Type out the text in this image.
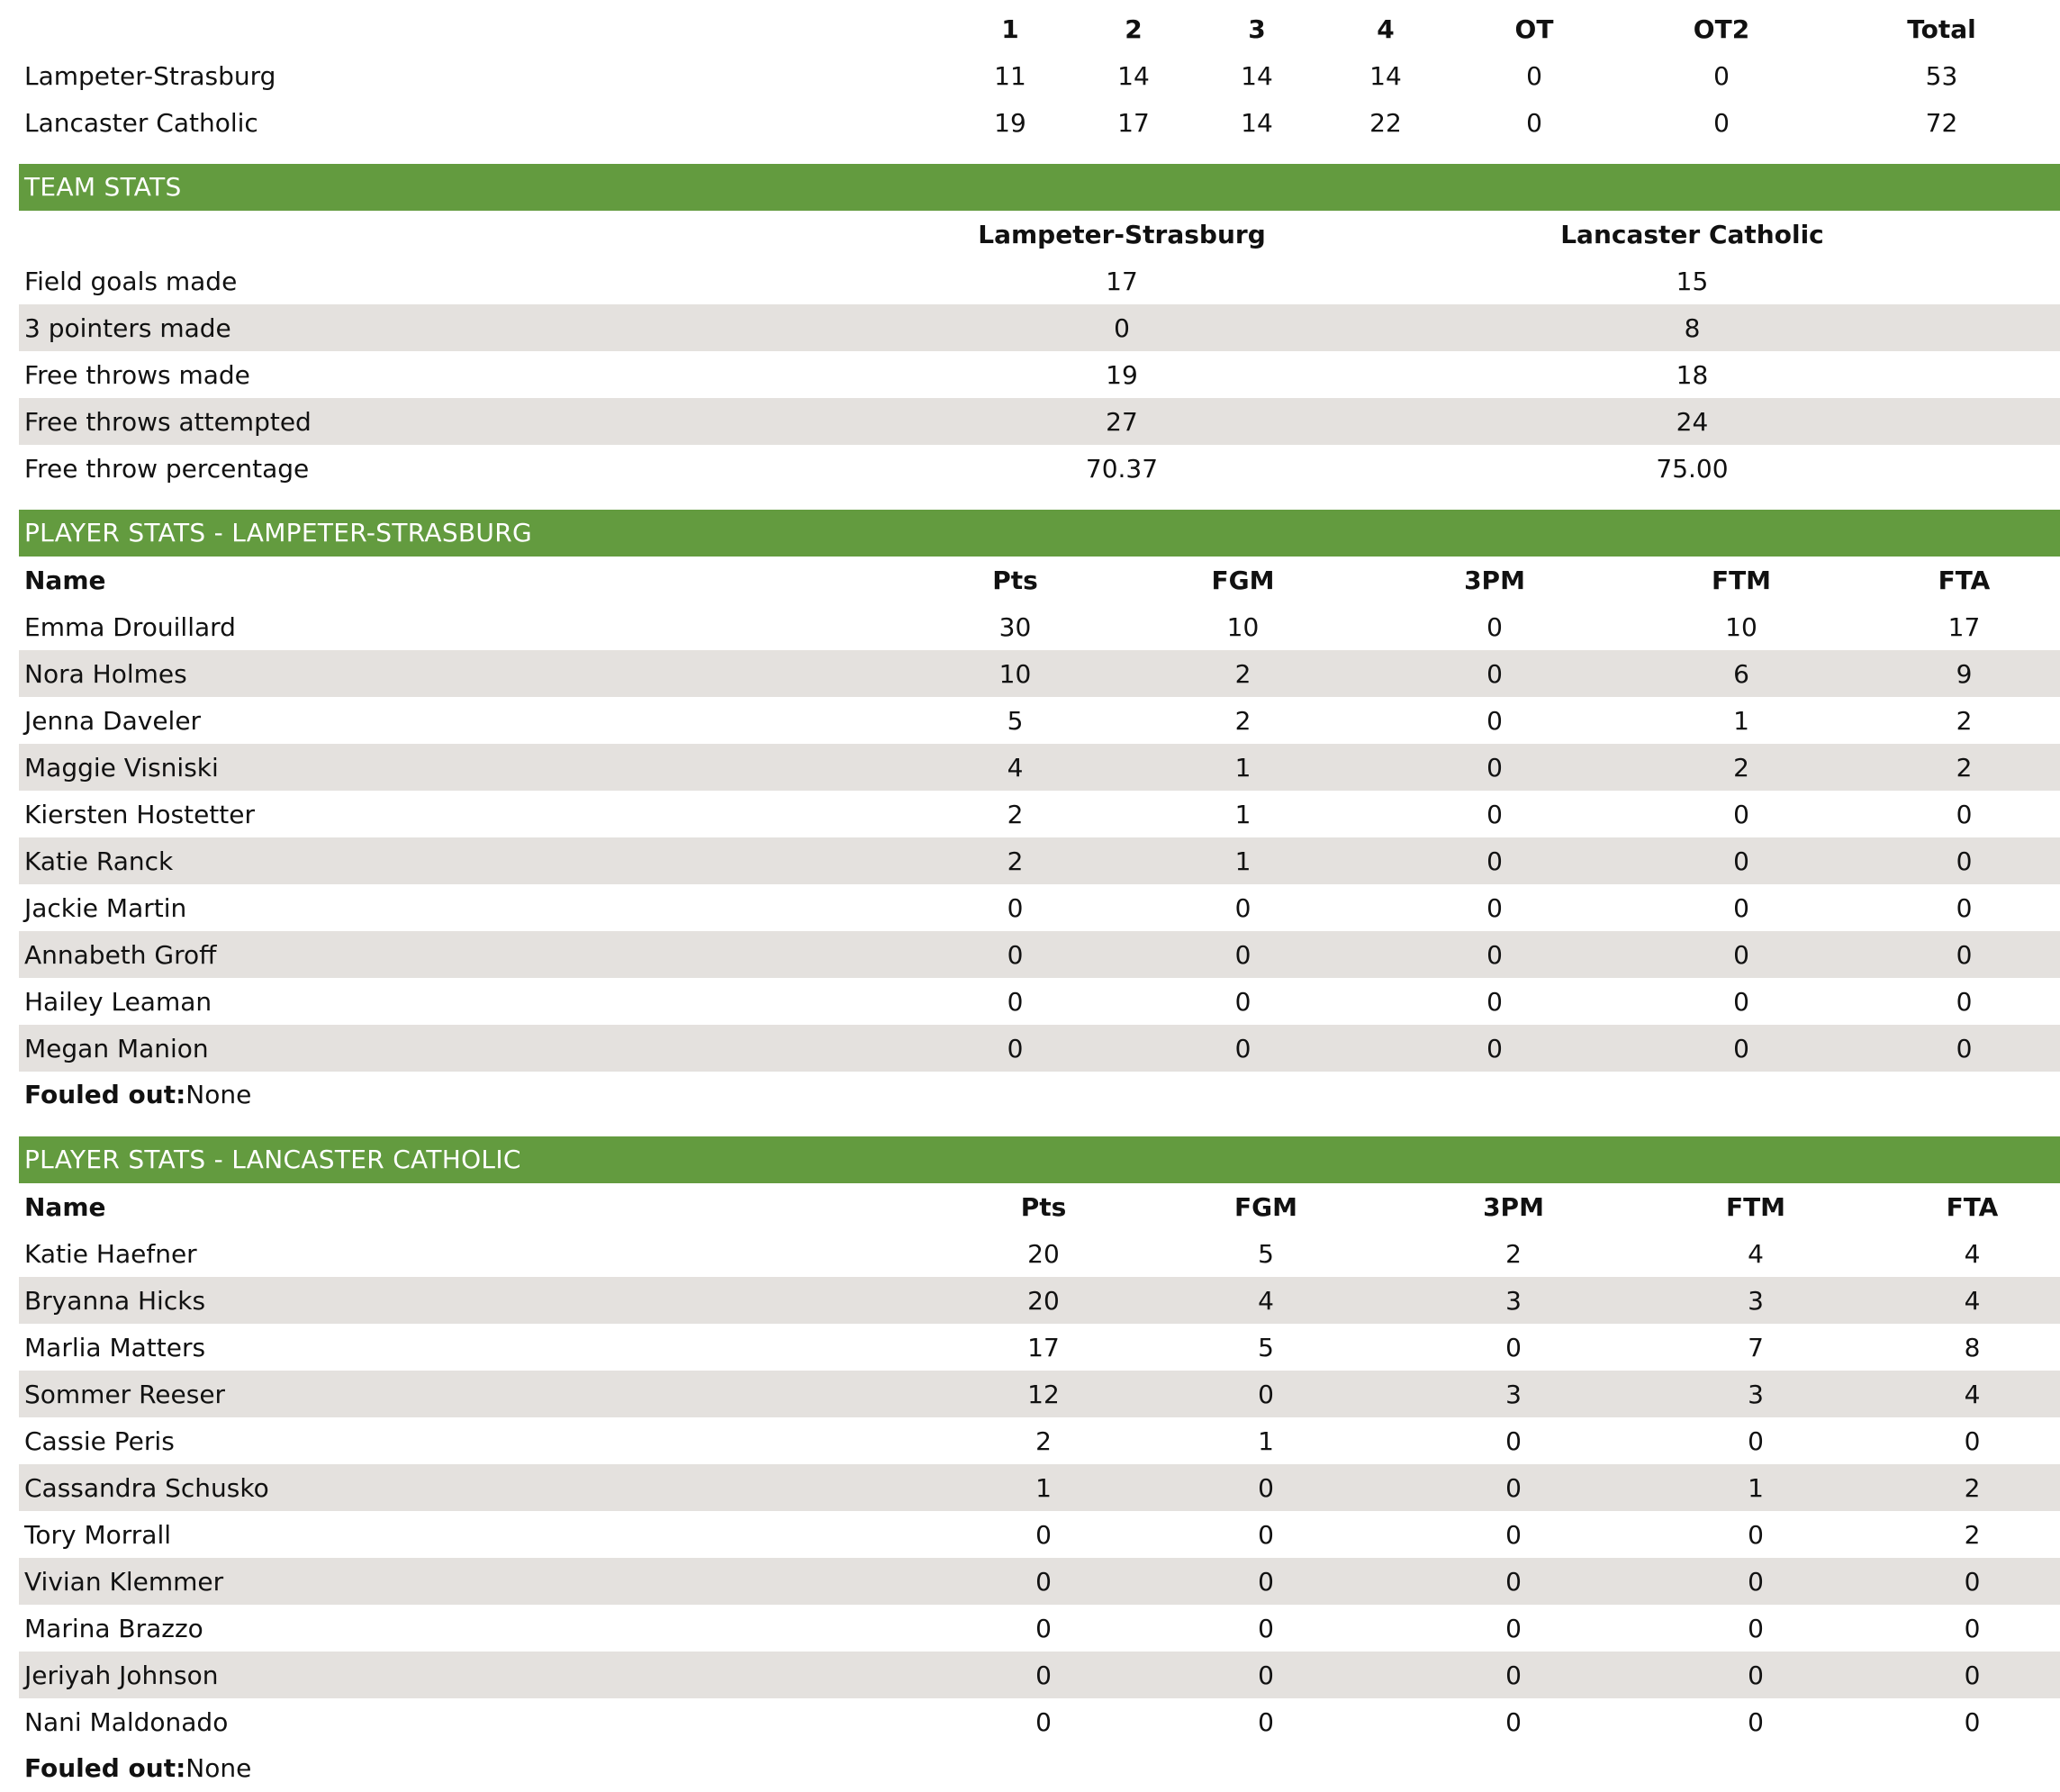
	1	2	3	4	OT	OT2	Total
Lampeter-Strasburg	11	14	14	14	0	0	53
Lancaster Catholic	19	17	14	22	0	0	72
TEAM STATS
	Lampeter-Strasburg	Lancaster Catholic
Field goals made	17	15
3 pointers made	0	8
Free throws made	19	18
Free throws attempted	27	24
Free throw percentage	70.37	75.00
PLAYER STATS - LAMPETER-STRASBURG
Name	Pts	FGM	3PM	FTM	FTA
Emma Drouillard	30	10	0	10	17
Nora Holmes	10	2	0	6	9
Jenna Daveler	5	2	0	1	2
Maggie Visniski	4	1	0	2	2
Kiersten Hostetter	2	1	0	0	0
Katie Ranck	2	1	0	0	0
Jackie Martin	0	0	0	0	0
Annabeth Groff	0	0	0	0	0
Hailey Leaman	0	0	0	0	0
Megan Manion	0	0	0	0	0
Fouled out:None
PLAYER STATS - LANCASTER CATHOLIC
Name	Pts	FGM	3PM	FTM	FTA
Katie Haefner	20	5	2	4	4
Bryanna Hicks	20	4	3	3	4
Marlia Matters	17	5	0	7	8
Sommer Reeser	12	0	3	3	4
Cassie Peris	2	1	0	0	0
Cassandra Schusko	1	0	0	1	2
Tory Morrall	0	0	0	0	2
Vivian Klemmer	0	0	0	0	0
Marina Brazzo	0	0	0	0	0
Jeriyah Johnson	0	0	0	0	0
Nani Maldonado	0	0	0	0	0
Fouled out:None
